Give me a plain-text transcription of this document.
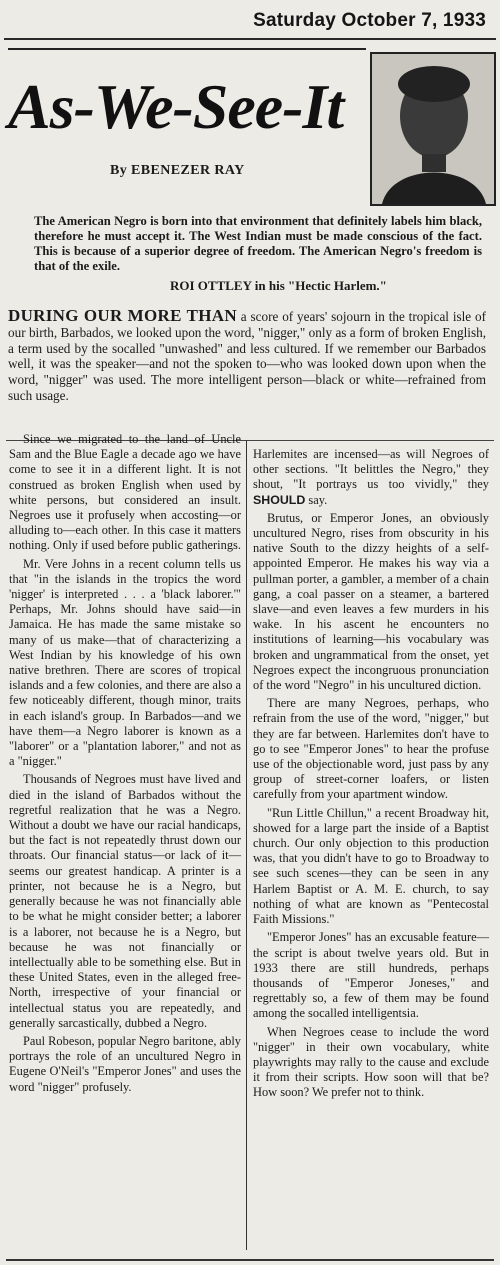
Saturday October 7, 1933
As-We-See-It
By EBENEZER RAY
The American Negro is born into that environment that definitely labels him black, therefore he must accept it. The West Indian must be made conscious of the fact. This is because of a superior degree of freedom. The American Negro's freedom is that of the exile.
ROI OTTLEY in his "Hectic Harlem."
DURING OUR MORE THAN a score of years' sojourn in the tropical isle of our birth, Barbados, we looked upon the word, "nigger," only as a form of broken English, a term used by the socalled "unwashed" and less cultured. If we remember our Barbados well, it was the speaker—and not the spoken to—who was looked down upon when the word, "nigger" was used. The more intelligent person—black or white—refrained from such usage.

Since we migrated to the land of Uncle Sam and the Blue Eagle a decade ago we have come to see it in a different light. It is not construed as broken English when used by white persons, but considered an insult. Negroes use it profusely when accosting—or alluding to—each other. In this case it matters nothing. Only if used before public gatherings.

Mr. Vere Johns in a recent column tells us that "in the islands in the tropics the word 'nigger' is interpreted . . . a 'black laborer.'" Perhaps, Mr. Johns should have said—in Jamaica. He has made the same mistake so many of us make—that of characterizing a West Indian by his knowledge of his own native brethren. There are scores of tropical islands and a few colonies, and there are also a few noticeably different, though minor, traits in each island's group. In Barbados—and we have them—a Negro laborer is known as a "laborer" or a "plantation laborer," and not as a "nigger."

Thousands of Negroes must have lived and died in the island of Barbados without the regretful realization that he was a Negro. Without a doubt we have our racial handicaps, but the fact is not repeatedly thrust down our throats. Our financial status—or lack of it—seems our greatest handicap. A printer is a printer, not because he is a Negro, but generally because he was not financially able to be what he might consider better; a laborer is a laborer, not because he is a Negro, but because he was not financially or intellectually able to be something else. But in these United States, even in the alleged free-North, irrespective of your financial or intellectual status you are repeatedly, and generally sarcastically, dubbed a Negro.

Paul Robeson, popular Negro baritone, ably portrays the role of an uncultured Negro in Eugene O'Neil's "Emperor Jones" and uses the word "nigger" profusely.

Harlemites are incensed—as will Negroes of other sections. "It belittles the Negro," they shout, "It portrays us too vividly," they SHOULD say.

Brutus, or Emperor Jones, an obviously uncultured Negro, rises from obscurity in his native South to the dizzy heights of a self-appointed Emperor. He makes his way via a pullman porter, a gambler, a member of a chain gang, a coal passer on a steamer, a bartered slave—and even leaves a few murders in his wake. In his ascent he encounters no institutions of learning—his vocabulary was broken and ungrammatical from the onset, yet Negroes expect the incongruous pronunciation of the word "Negro" in his uncultured diction.

There are many Negroes, perhaps, who refrain from the use of the word, "nigger," but they are far between. Harlemites don't have to go to see "Emperor Jones" to hear the profuse use of the objectionable word, just pass by any group of street-corner loafers, or listen carefully from your apartment window.

"Run Little Chillun," a recent Broadway hit, showed for a large part the inside of a Baptist church. Our only objection to this production was, that you didn't have to go to Broadway to see such scenes—they can be seen in any Harlem Baptist or A. M. E. church, to say nothing of what are known as "Pentecostal Faith Missions."

"Emperor Jones" has an excusable feature—the script is about twelve years old. But in 1933 there are still hundreds, perhaps thousands of "Emperor Joneses," and regrettably so, a few of them may be found among the socalled intelligentsia.

When Negroes cease to include the word "nigger" in their own vocabulary, white playwrights may rally to the cause and exclude it from their scripts. How soon will that be? How soon? We prefer not to think.
